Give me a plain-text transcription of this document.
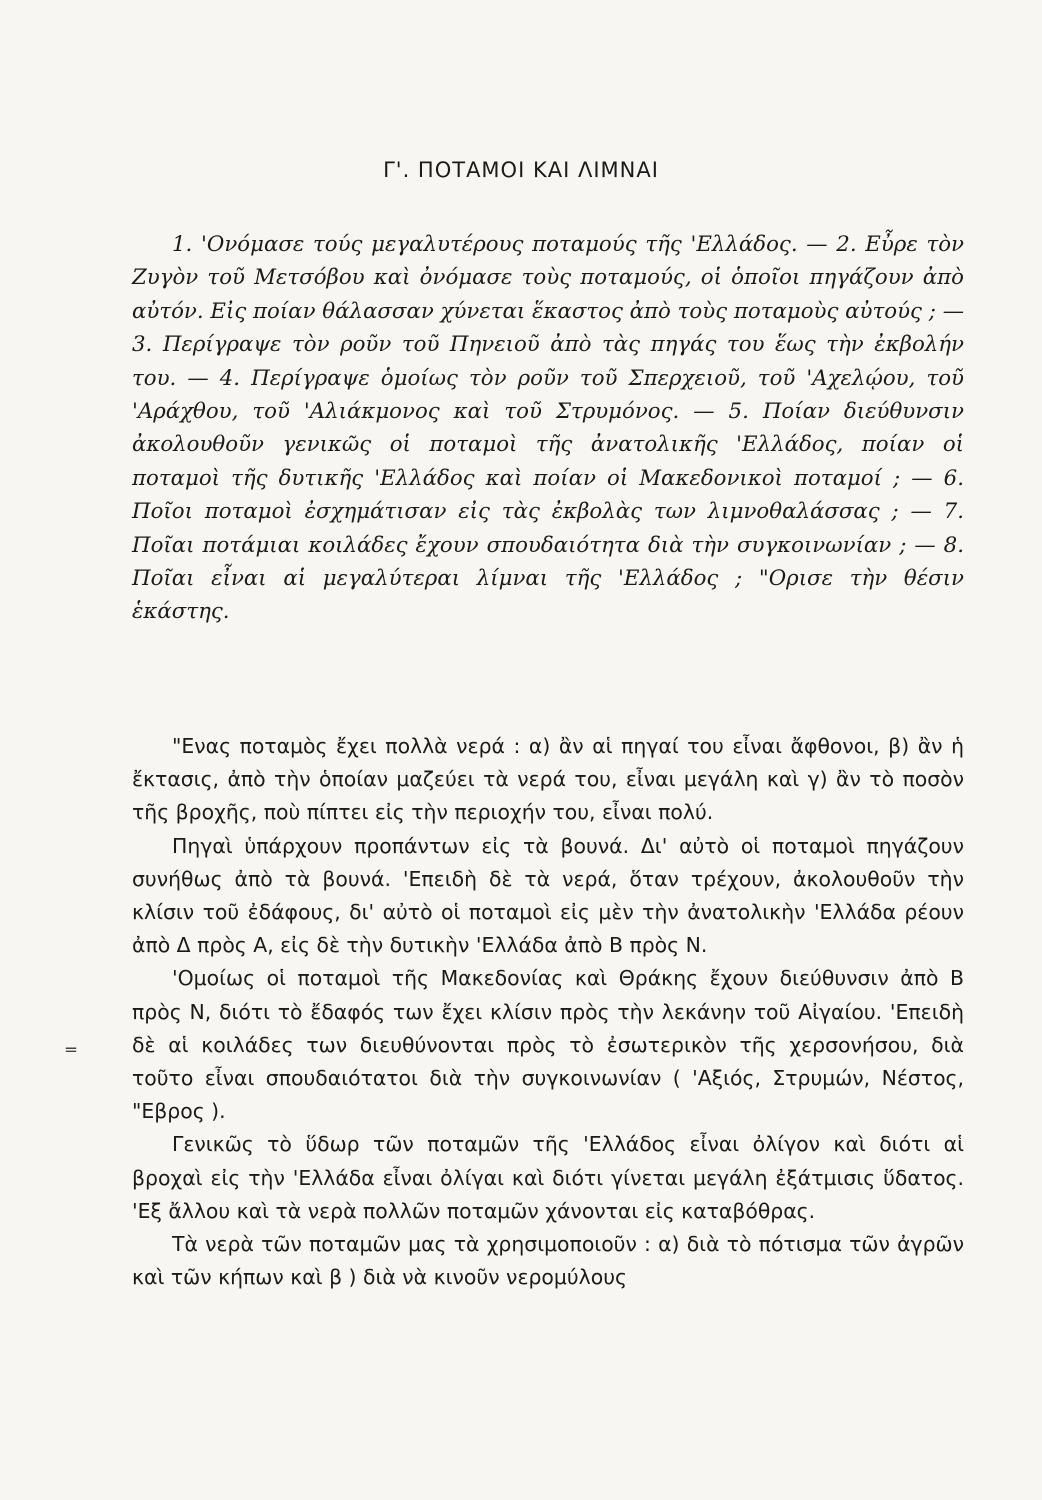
Γ'. ΠΟΤΑΜΟΙ ΚΑΙ ΛΙΜΝΑΙ

1. 'Ονόμασε τούς μεγαλυτέρους ποταμούς τῆς 'Ελλάδος. — 2. Εὖρε τὸν Ζυγὸν τοῦ Μετσόβου καὶ ὀνόμασε τοὺς ποταμούς, οἱ ὁποῖοι πηγάζουν ἀπὸ αὐτόν. Εἰς ποίαν θάλασσαν χύνεται ἕκαστος ἀπὸ τοὺς ποταμοὺς αὐτούς ; — 3. Περίγραψε τὸν ροῦν τοῦ Πηνειοῦ ἀπὸ τὰς πηγάς του ἕως τὴν ἐκβολήν του. — 4. Περίγραψε ὁμοίως τὸν ροῦν τοῦ Σπερχειοῦ, τοῦ 'Αχελῴου, τοῦ 'Αράχθου, τοῦ 'Αλιάκμονος καὶ τοῦ Στρυμόνος. — 5. Ποίαν διεύθυνσιν ἀκολουθοῦν γενικῶς οἱ ποταμοὶ τῆς ἀνατολικῆς 'Ελλάδος, ποίαν οἱ ποταμοὶ τῆς δυτικῆς 'Ελλάδος καὶ ποίαν οἱ Μακεδονικοὶ ποταμοί ; — 6. Ποῖοι ποταμοὶ ἐσχημάτισαν εἰς τὰς ἐκβολὰς των λιμνοθαλάσσας ; — 7. Ποῖαι ποτάμιαι κοιλάδες ἔχουν σπουδαιότητα διὰ τὴν συγκοινωνίαν ; — 8. Ποῖαι εἶναι αἱ μεγαλύτεραι λίμναι τῆς 'Ελλάδος ; "Ορισε τὴν θέσιν ἑκάστης.

"Ενας ποταμὸς ἔχει πολλὰ νερά : α) ἂν αἱ πηγαί του εἶναι ἄφθονοι, β) ἂν ἡ ἔκτασις, ἀπὸ τὴν ὁποίαν μαζεύει τὰ νερά του, εἶναι μεγάλη καὶ γ) ἂν τὸ ποσὸν τῆς βροχῆς, ποὺ πίπτει εἰς τὴν περιοχήν του, εἶναι πολύ.

Πηγαὶ ὑπάρχουν προπάντων εἰς τὰ βουνά. Δι' αὐτὸ οἱ ποταμοὶ πηγάζουν συνήθως ἀπὸ τὰ βουνά. 'Επειδὴ δὲ τὰ νερά, ὅταν τρέχουν, ἀκολουθοῦν τὴν κλίσιν τοῦ ἐδάφους, δι' αὐτὸ οἱ ποταμοὶ εἰς μὲν τὴν ἀνατολικὴν 'Ελλάδα ρέουν ἀπὸ Δ πρὸς Α, εἰς δὲ τὴν δυτικὴν 'Ελλάδα ἀπὸ Β πρὸς Ν.

'Ομοίως οἱ ποταμοὶ τῆς Μακεδονίας καὶ Θράκης ἔχουν διεύθυνσιν ἀπὸ Β πρὸς Ν, διότι τὸ ἔδαφός των ἔχει κλίσιν πρὸς τὴν λεκάνην τοῦ Αἰγαίου. 'Επειδὴ δὲ αἱ κοιλάδες των διευθύνονται πρὸς τὸ ἐσωτερικὸν τῆς χερσονήσου, διὰ τοῦτο εἶναι σπουδαιότατοι διὰ τὴν συγκοινωνίαν ( 'Αξιός, Στρυμών, Νέστος, "Εβρος ).

Γενικῶς τὸ ὕδωρ τῶν ποταμῶν τῆς 'Ελλάδος εἶναι ὀλίγον καὶ διότι αἱ βροχαὶ εἰς τὴν 'Ελλάδα εἶναι ὀλίγαι καὶ διότι γίνεται μεγάλη ἐξάτμισις ὕδατος. 'Εξ ἄλλου καὶ τὰ νερὰ πολλῶν ποταμῶν χάνονται εἰς καταβόθρας.

Τὰ νερὰ τῶν ποταμῶν μας τὰ χρησιμοποιοῦν : α) διὰ τὸ πότισμα τῶν ἀγρῶν καὶ τῶν κήπων καὶ β ) διὰ νὰ κινοῦν νερομύλους

‗
